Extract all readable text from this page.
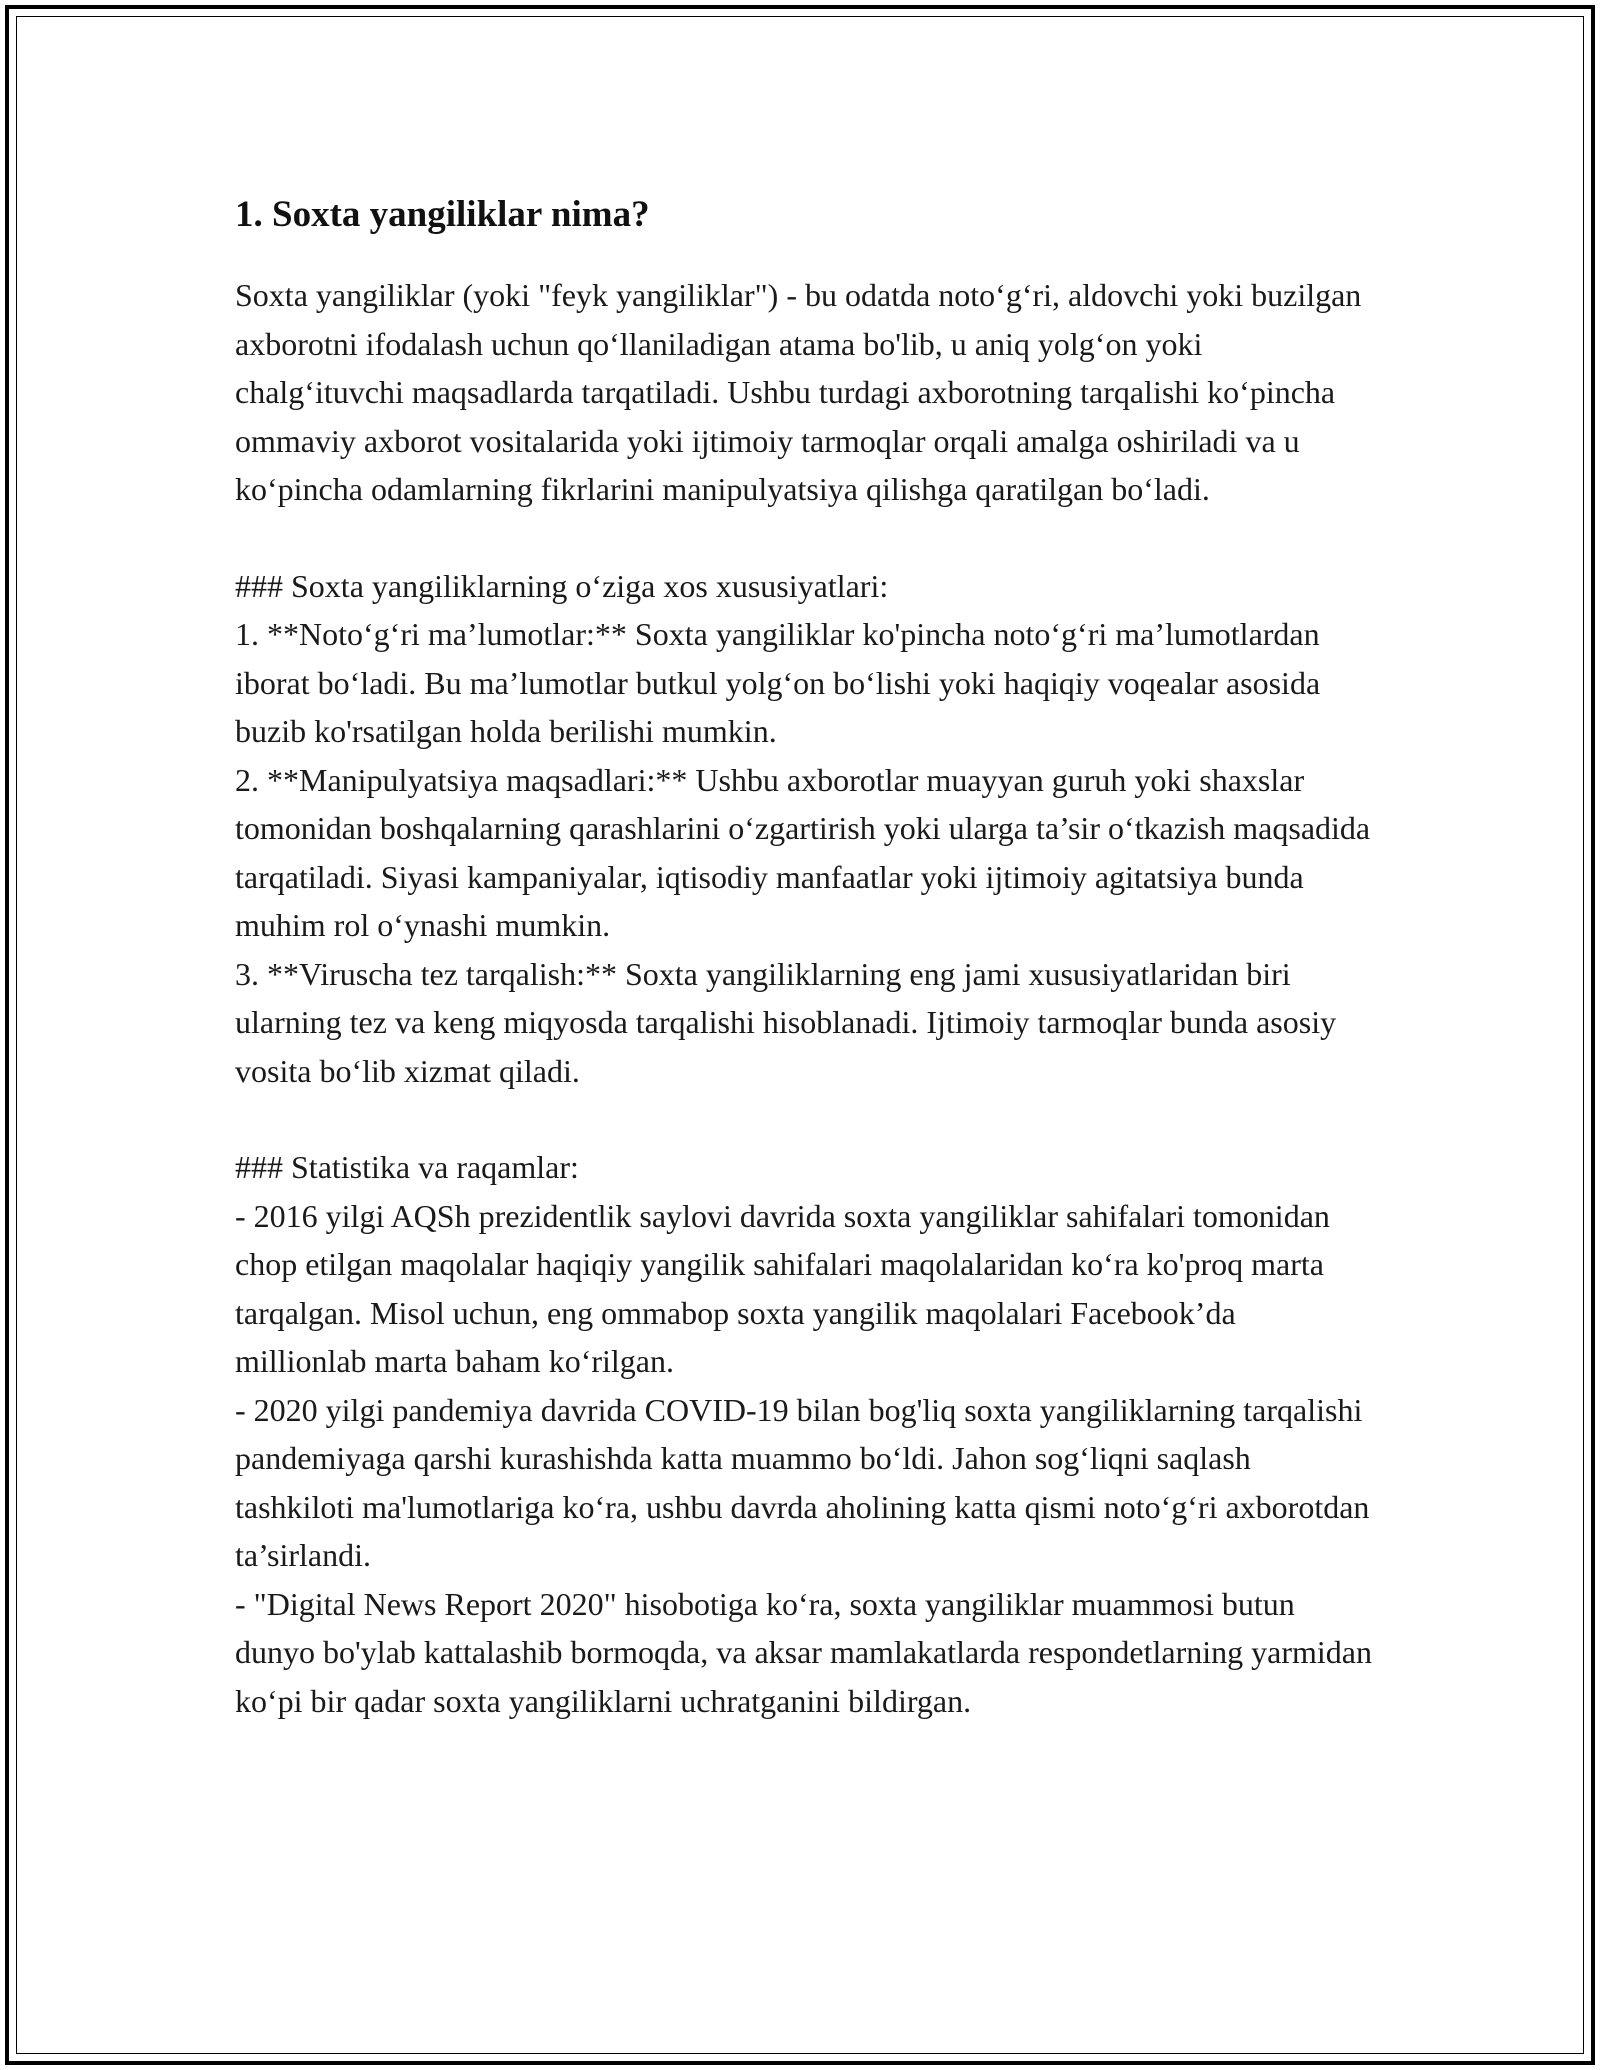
1. Soxta yangiliklar nima?

Soxta yangiliklar (yoki "feyk yangiliklar") - bu odatda noto‘g‘ri, aldovchi yoki buzilgan axborotni ifodalash uchun qo‘llaniladigan atama bo'lib, u aniq yolg‘on yoki chalg‘ituvchi maqsadlarda tarqatiladi. Ushbu turdagi axborotning tarqalishi ko‘pincha ommaviy axborot vositalarida yoki ijtimoiy tarmoqlar orqali amalga oshiriladi va u ko‘pincha odamlarning fikrlarini manipulyatsiya qilishga qaratilgan bo‘ladi.

### Soxta yangiliklarning o‘ziga xos xususiyatlari:

1. **Noto‘g‘ri ma’lumotlar:** Soxta yangiliklar ko'pincha noto‘g‘ri ma’lumotlardan iborat bo‘ladi. Bu ma’lumotlar butkul yolg‘on bo‘lishi yoki haqiqiy voqealar asosida buzib ko'rsatilgan holda berilishi mumkin.

2. **Manipulyatsiya maqsadlari:** Ushbu axborotlar muayyan guruh yoki shaxslar tomonidan boshqalarning qarashlarini o‘zgartirish yoki ularga ta’sir o‘tkazish maqsadida tarqatiladi. Siyasi kampaniyalar, iqtisodiy manfaatlar yoki ijtimoiy agitatsiya bunda muhim rol o‘ynashi mumkin.

3. **Viruscha tez tarqalish:** Soxta yangiliklarning eng jami xususiyatlaridan biri ularning tez va keng miqyosda tarqalishi hisoblanadi. Ijtimoiy tarmoqlar bunda asosiy vosita bo‘lib xizmat qiladi.

### Statistika va raqamlar:

- 2016 yilgi AQSh prezidentlik saylovi davrida soxta yangiliklar sahifalari tomonidan chop etilgan maqolalar haqiqiy yangilik sahifalari maqolalaridan ko‘ra ko'proq marta tarqalgan. Misol uchun, eng ommabop soxta yangilik maqolalari Facebook’da millionlab marta baham ko‘rilgan.

- 2020 yilgi pandemiya davrida COVID-19 bilan bog'liq soxta yangiliklarning tarqalishi pandemiyaga qarshi kurashishda katta muammo bo‘ldi. Jahon sog‘liqni saqlash tashkiloti ma'lumotlariga ko‘ra, ushbu davrda aholining katta qismi noto‘g‘ri axborotdan ta’sirlandi.

- "Digital News Report 2020" hisobotiga ko‘ra, soxta yangiliklar muammosi butun dunyo bo'ylab kattalashib bormoqda, va aksar mamlakatlarda respondetlarning yarmidan ko‘pi bir qadar soxta yangiliklarni uchratganini bildirgan.
